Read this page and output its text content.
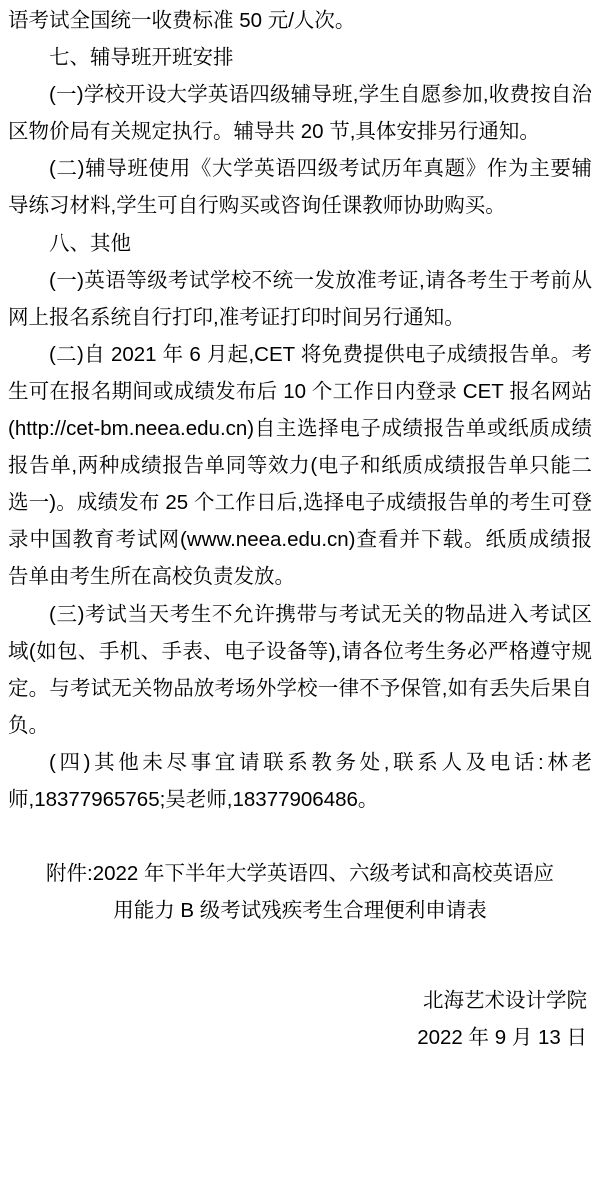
语考试全国统一收费标准 50 元/人次。

七、辅导班开班安排

(一)学校开设大学英语四级辅导班,学生自愿参加,收费按自治区物价局有关规定执行。辅导共 20 节,具体安排另行通知。

(二)辅导班使用《大学英语四级考试历年真题》作为主要辅导练习材料,学生可自行购买或咨询任课教师协助购买。

八、其他

(一)英语等级考试学校不统一发放准考证,请各考生于考前从网上报名系统自行打印,准考证打印时间另行通知。

(二)自 2021 年 6 月起,CET 将免费提供电子成绩报告单。考生可在报名期间或成绩发布后 10 个工作日内登录 CET 报名网站(http://cet-bm.neea.edu.cn)自主选择电子成绩报告单或纸质成绩报告单,两种成绩报告单同等效力(电子和纸质成绩报告单只能二选一)。成绩发布 25 个工作日后,选择电子成绩报告单的考生可登录中国教育考试网(www.neea.edu.cn)查看并下载。纸质成绩报告单由考生所在高校负责发放。

(三)考试当天考生不允许携带与考试无关的物品进入考试区域(如包、手机、手表、电子设备等),请各位考生务必严格遵守规定。与考试无关物品放考场外学校一律不予保管,如有丢失后果自负。

(四)其他未尽事宜请联系教务处,联系人及电话:林老师,18377965765;吴老师,18377906486。

附件:2022 年下半年大学英语四、六级考试和高校英语应
用能力 B 级考试残疾考生合理便利申请表
北海艺术设计学院
2022 年 9 月 13 日
